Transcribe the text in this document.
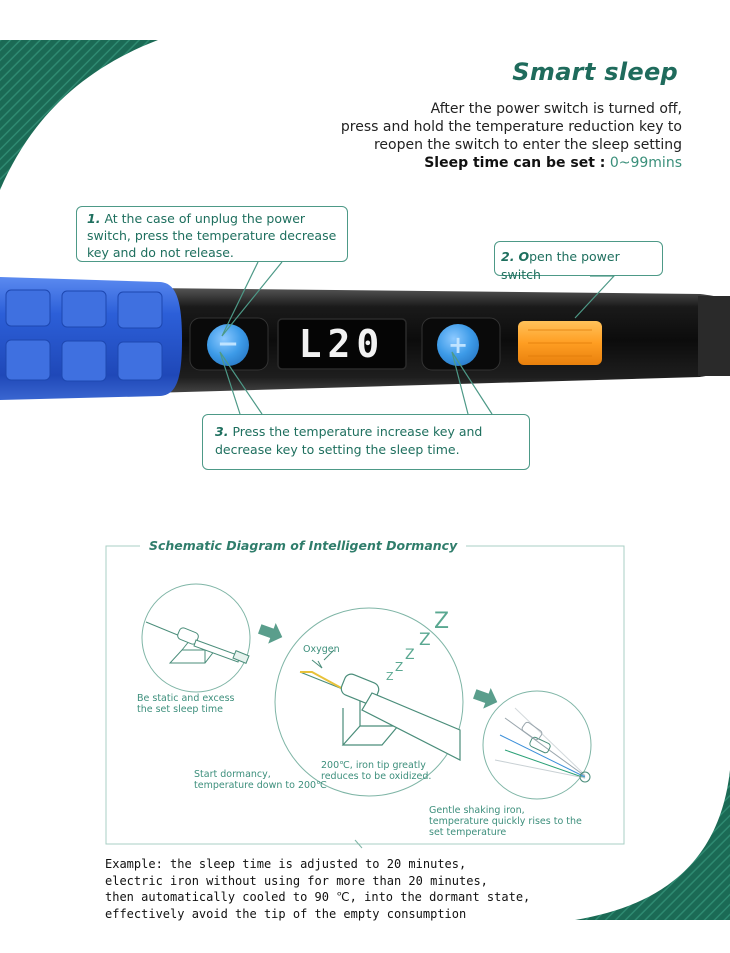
Smart sleep
After the power switch is turned off,
press and hold the temperature reduction key to
reopen the switch to enter the sleep setting
Sleep time can be set : 0~99mins
−	+
L20
1. At the case of unplug the power switch, press the temperature decrease key and do not release.	2. Open the power switch
3. Press the temperature increase key and decrease key to setting the sleep time.
Z
Z
Z
Z
Z
Schematic Diagram of Intelligent Dormancy
Oxygen
Be static and excess
the set sleep time
200℃, iron tip greatly
reduces to be oxidized.
Start dormancy,
temperature down to 200℃
Gentle shaking iron,
temperature quickly rises to the
set temperature
Example: the sleep time is adjusted to 20 minutes,
electric iron without using for more than 20 minutes,
then automatically cooled to 90 ℃, into the dormant state,
effectively avoid the tip of the empty consumption
